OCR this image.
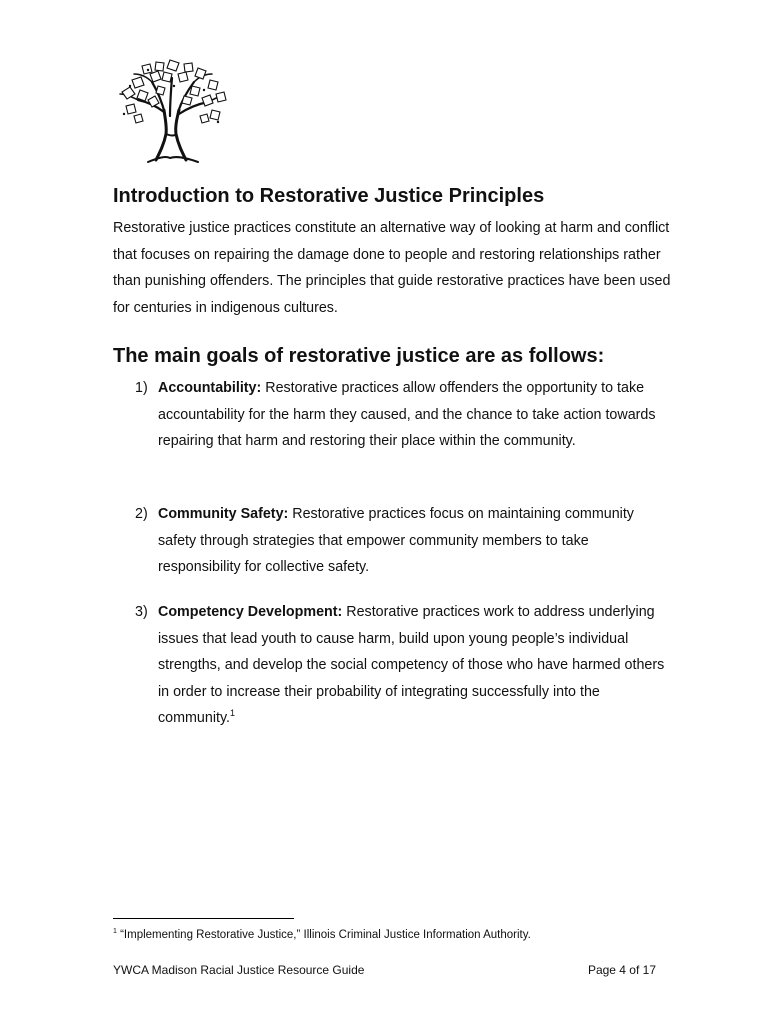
Introduction to Restorative Justice Principles

Restorative justice practices constitute an alternative way of looking at harm and conflict that focuses on repairing the damage done to people and restoring relationships rather than punishing offenders. The principles that guide restorative practices have been used for centuries in indigenous cultures.

The main goals of restorative justice are as follows:
1) Accountability: Restorative practices allow offenders the opportunity to take accountability for the harm they caused, and the chance to take action towards repairing that harm and restoring their place within the community.
2) Community Safety: Restorative practices focus on maintaining community safety through strategies that empower community members to take responsibility for collective safety.
3) Competency Development: Restorative practices work to address underlying issues that lead youth to cause harm, build upon young people’s individual strengths, and develop the social competency of those who have harmed others in order to increase their probability of integrating successfully into the community.$^1$
$^1$ “Implementing Restorative Justice,” Illinois Criminal Justice Information Authority.
YWCA Madison Racial Justice Resource Guide	Page 4 of 17
